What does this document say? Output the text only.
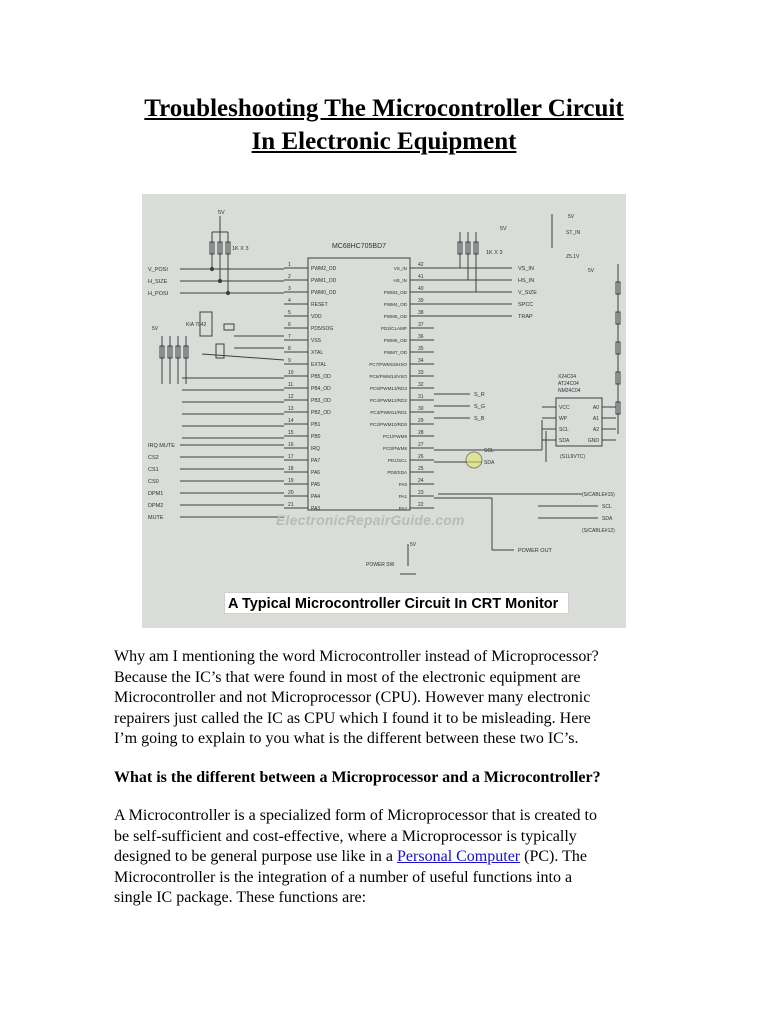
Troubleshooting The Microcontroller Circuit
In Electronic Equipment
MC68HC705BD7
1
PWM2_OD
2
PWM1_OD
3
PWM0_OD
4
RESET
5
VDD
6
PD5/SOG
7
VSS
8
XTAL
9
EXTAL
10
PB5_OD
11
PB4_OD
12
PB3_OD
13
PB2_OD
14
PB1
15
PB0
16
IRQ
17
PA7
18
PA6
19
PA5
20
PA4
21
PA3
42
VS_IN
41
HS_IN
40
PWM3_OD
39
PWM4_OD
38
PWM5_OD
37
PD2/CLAMP
36
PWM6_OD
35
PWM7_OD
34
PC7/PWM15/HSO
33
PC6/PWM14/VSO
32
PC5/PWM13/RD3
31
PC4/PWM12/RD2
30
PC3/PWM11/RD1
29
PC2/PWM10/RD0
28
PC1/PWM9
27
PC0/PWM8
26
PD1/SCL
25
PD0/SDA
24
PA0
23
PA1
22
PA2
V_POSI
H_SIZE
H_POSI
IRQ MUTE
CS2
CS1
CS0
DPM1
DPM2
MUTE
5V
1K X 3
KIA 7042
5V
VS_IN
HS_IN
V_SIZE
SPCC
TRAP
1K X 3
5V
S_R
S_G
S_B
SCL
SDA
X24C04
AT24C04
NM24C04
VCC
WP
SCL
SDA
A0
A1
A2
GND
(S1L9VTC)
5V
(S/CABLE#15)
SCL
SDA
(S/CABLE#12)
POWER OUT
POWER SW
5V
5V
ST_IN
Z5.1V
ElectronicRepairGuide.com
A Typical Microcontroller Circuit In CRT Monitor

Why am I mentioning the word Microcontroller instead of Microprocessor?
Because the IC’s that were found in most of the electronic equipment are
Microcontroller and not Microprocessor (CPU). However many electronic
repairers just called the IC as CPU which I found it to be misleading. Here
I’m going to explain to you what is the different between these two IC’s.

What is the different between a Microprocessor and a Microcontroller?

A Microcontroller is a specialized form of Microprocessor that is created to
be self-sufficient and cost-effective, where a Microprocessor is typically
designed to be general purpose use like in a Personal Computer (PC). The
Microcontroller is the integration of a number of useful functions into a
single IC package. These functions are:
